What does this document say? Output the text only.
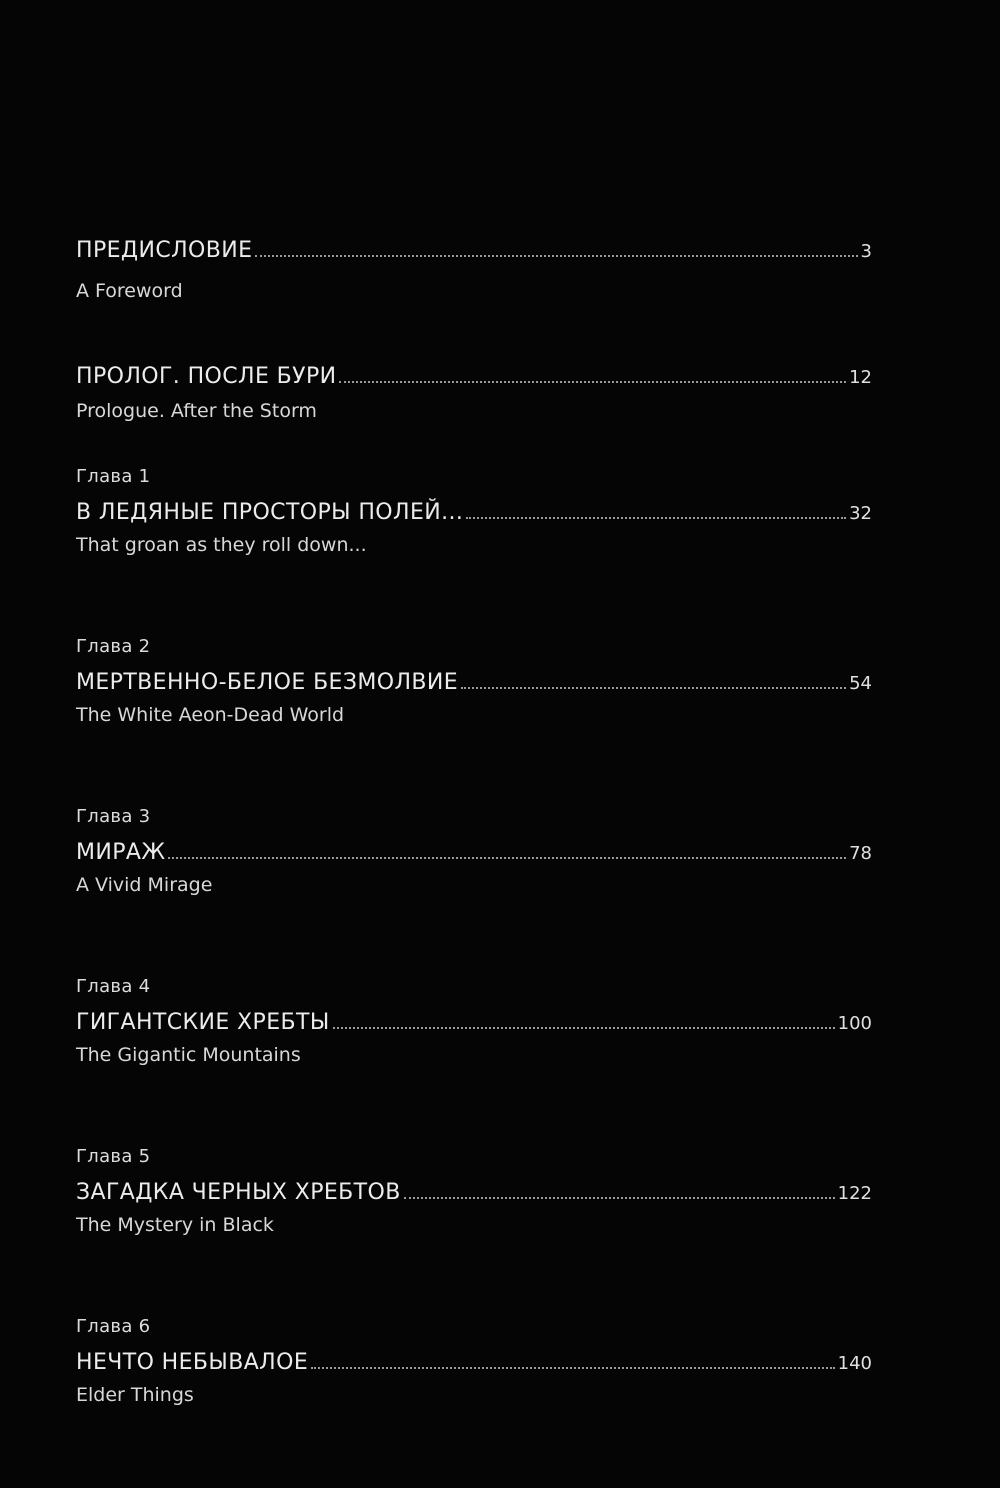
ПРЕДИСЛОВИЕ	3
A Foreword
ПРОЛОГ. ПОСЛЕ БУРИ	12
Prologue. After the Storm
Глава 1
В ЛЕДЯНЫЕ ПРОСТОРЫ ПОЛЕЙ...	32
That groan as they roll down...
Глава 2
МЕРТВЕННО-БЕЛОЕ БЕЗМОЛВИЕ	54
The White Aeon-Dead World
Глава 3
МИРАЖ	78
A Vivid Mirage
Глава 4
ГИГАНТСКИЕ ХРЕБТЫ	100
The Gigantic Mountains
Глава 5
ЗАГАДКА ЧЕРНЫХ ХРЕБТОВ	122
The Mystery in Black
Глава 6
НЕЧТО НЕБЫВАЛОЕ	140
Elder Things
